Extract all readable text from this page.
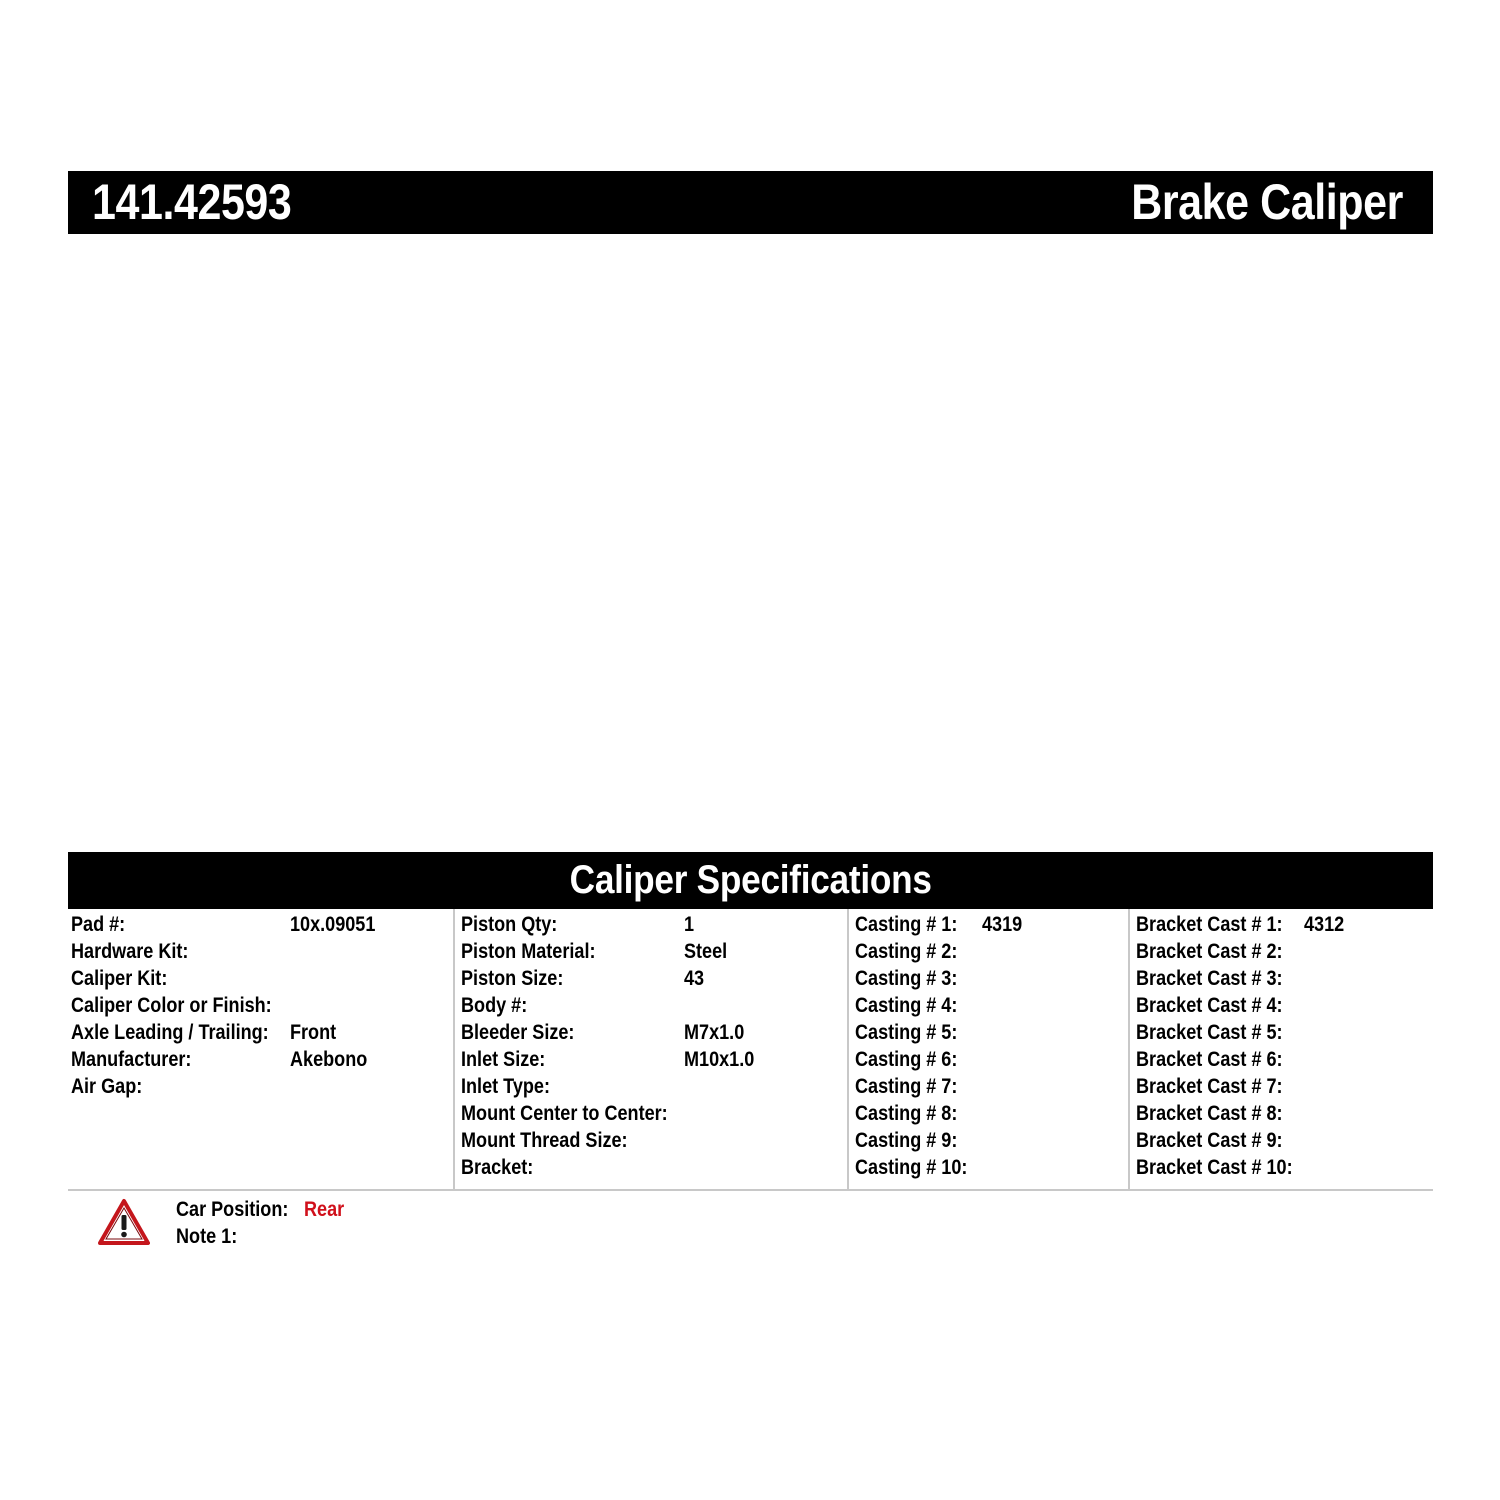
141.42593	Brake Caliper
Caliper Specifications
Pad #:	10x.09051
Hardware Kit:
Caliper Kit:
Caliper Color or Finish:
Axle Leading / Trailing: Front
Manufacturer:	Akebono
Air Gap:
Piston Qty:	1
Piston Material:	Steel
Piston Size:	43
Body #:
Bleeder Size:	M7x1.0
Inlet Size:	M10x1.0
Inlet Type:
Mount Center to Center:
Mount Thread Size:
Bracket:
Casting # 1: 4319
Casting # 2:
Casting # 3:
Casting # 4:
Casting # 5:
Casting # 6:
Casting # 7:
Casting # 8:
Casting # 9:
Casting # 10:
Bracket Cast # 1: 4312
Bracket Cast # 2:
Bracket Cast # 3:
Bracket Cast # 4:
Bracket Cast # 5:
Bracket Cast # 6:
Bracket Cast # 7:
Bracket Cast # 8:
Bracket Cast # 9:
Bracket Cast # 10:
Car Position: Rear
Note 1:
